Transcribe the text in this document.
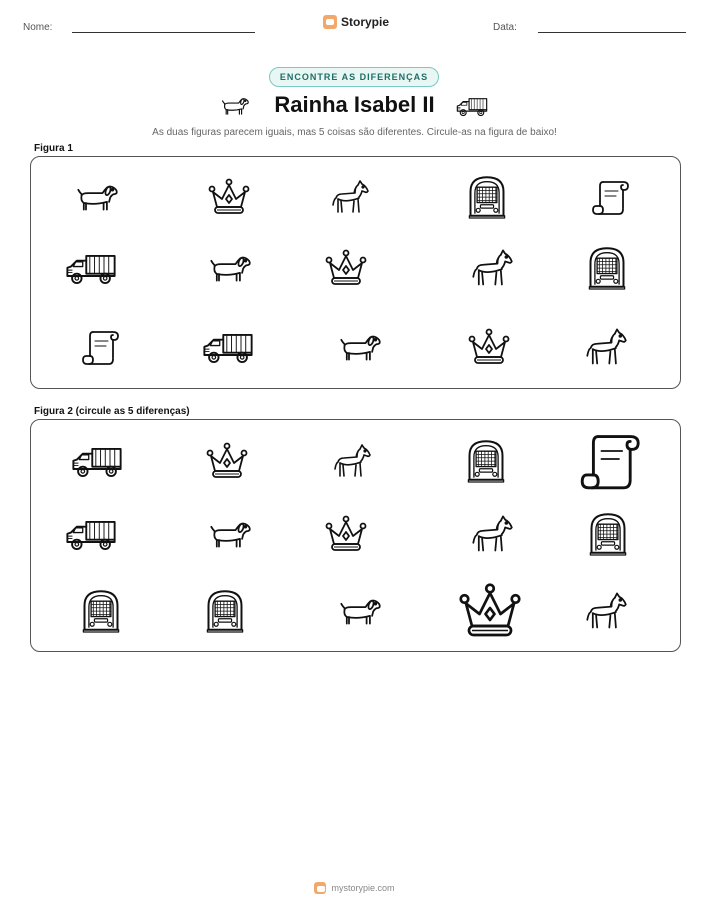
Nome:	Storypie	Data:
ENCONTRE AS DIFERENÇAS
Rainha Isabel II
As duas figuras parecem iguais, mas 5 coisas são diferentes. Circule-as na figura de baixo!
Figura 1
Figura 2 (circule as 5 diferenças)
mystorypie.com
